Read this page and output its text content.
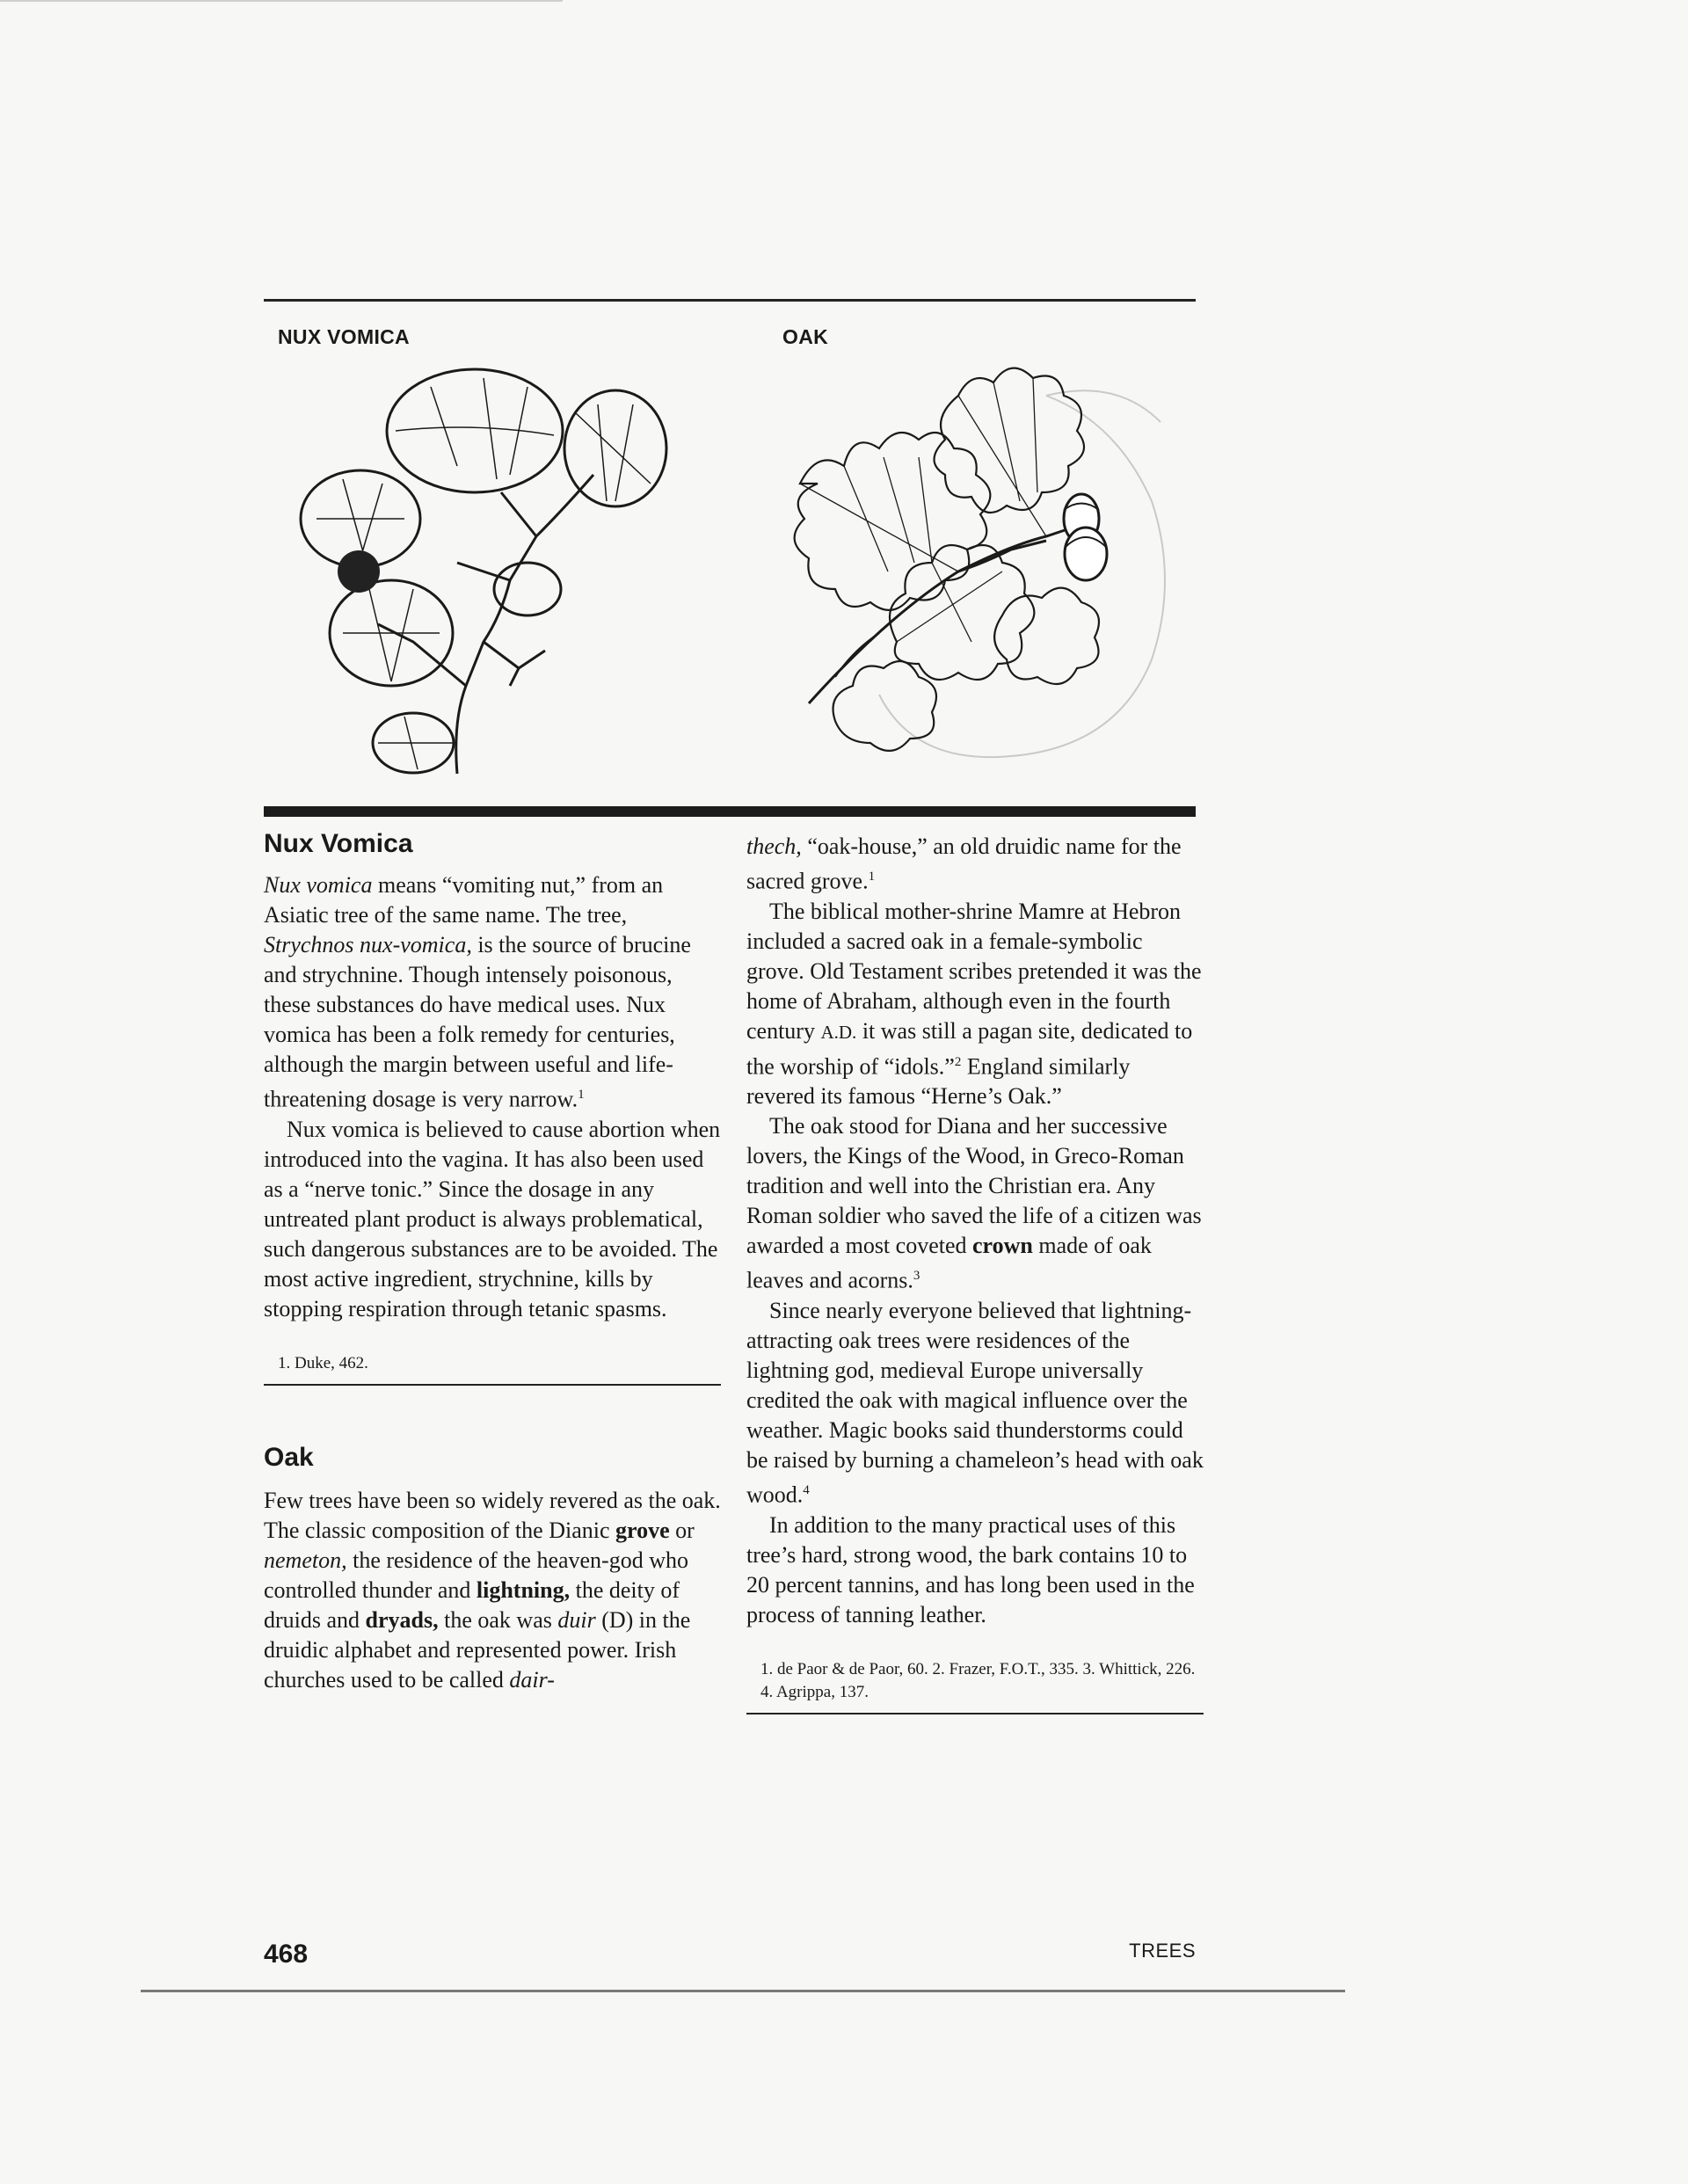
NUX VOMICA	OAK
Nux Vomica

Nux vomica means “vomiting nut,” from an Asiatic tree of the same name. The tree, Strychnos nux-vomica, is the source of brucine and strychnine. Though intensely poisonous, these substances do have medical uses. Nux vomica has been a folk remedy for centuries, although the margin between useful and life-threatening dosage is very narrow.$^1$

Nux vomica is believed to cause abortion when introduced into the vagina. It has also been used as a “nerve tonic.” Since the dosage in any untreated plant product is always problematical, such dangerous substances are to be avoided. The most active ingredient, strychnine, kills by stopping respiration through tetanic spasms.

1. Duke, 462.
Oak

Few trees have been so widely revered as the oak. The classic composition of the Dianic grove or nemeton, the residence of the heaven-god who controlled thunder and lightning, the deity of druids and dryads, the oak was duir (D) in the druidic alphabet and represented power. Irish churches used to be called dair-

thech, “oak-house,” an old druidic name for the sacred grove.$^1$

The biblical mother-shrine Mamre at Hebron included a sacred oak in a female-symbolic grove. Old Testament scribes pretended it was the home of Abraham, although even in the fourth century A.D. it was still a pagan site, dedicated to the worship of “idols.”$^2$ England similarly revered its famous “Herne’s Oak.”

The oak stood for Diana and her successive lovers, the Kings of the Wood, in Greco-Roman tradition and well into the Christian era. Any Roman soldier who saved the life of a citizen was awarded a most coveted crown made of oak leaves and acorns.$^3$

Since nearly everyone believed that lightning-attracting oak trees were residences of the lightning god, medieval Europe universally credited the oak with magical influence over the weather. Magic books said thunderstorms could be raised by burning a chameleon’s head with oak wood.$^4$

In addition to the many practical uses of this tree’s hard, strong wood, the bark contains 10 to 20 percent tannins, and has long been used in the process of tanning leather.

1. de Paor & de Paor, 60. 2. Frazer, F.O.T., 335. 3. Whittick, 226. 4. Agrippa, 137.
468	TREES
